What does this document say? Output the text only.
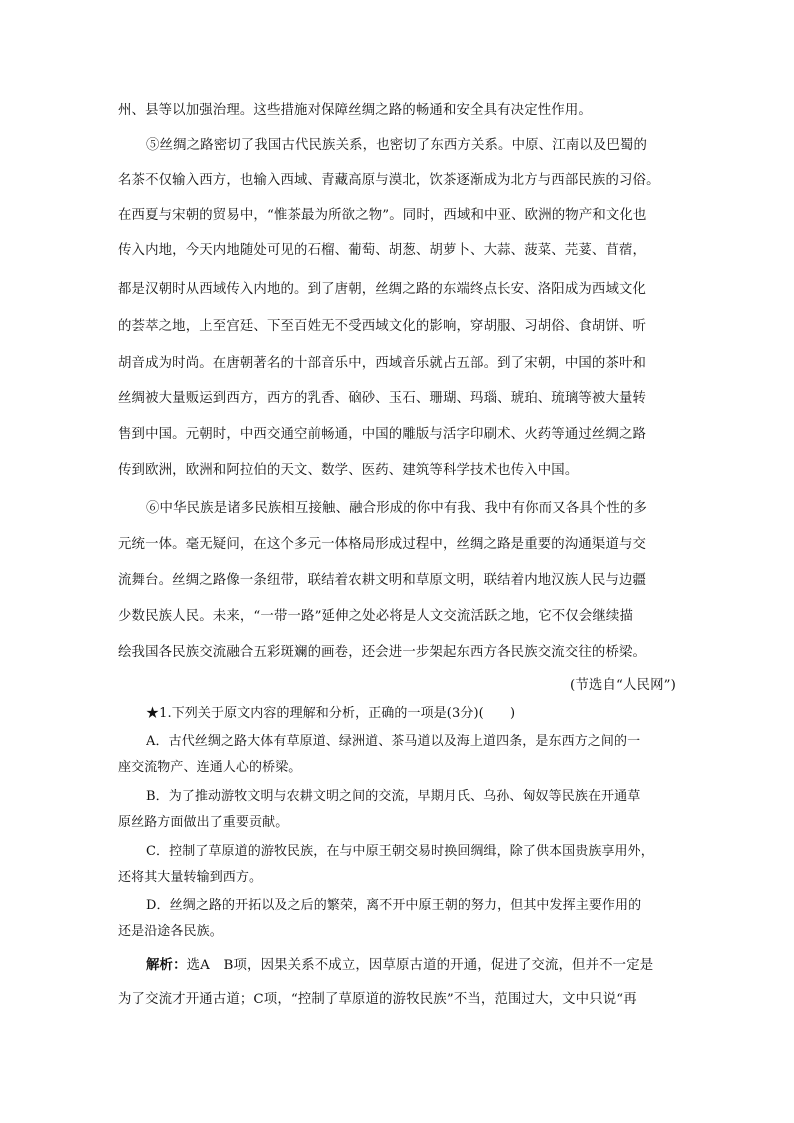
州、县等以加强治理。这些措施对保障丝绸之路的畅通和安全具有决定性作用。
⑤丝绸之路密切了我国古代民族关系，也密切了东西方关系。中原、江南以及巴蜀的
名茶不仅输入西方，也输入西域、青藏高原与漠北，饮茶逐渐成为北方与西部民族的习俗。
在西夏与宋朝的贸易中，“惟茶最为所欲之物”。同时，西域和中亚、欧洲的物产和文化也
传入内地，今天内地随处可见的石榴、葡萄、胡葱、胡萝卜、大蒜、菠菜、芫荽、苜蓿，
都是汉朝时从西域传入内地的。到了唐朝，丝绸之路的东端终点长安、洛阳成为西域文化
的荟萃之地，上至宫廷、下至百姓无不受西域文化的影响，穿胡服、习胡俗、食胡饼、听
胡音成为时尚。在唐朝著名的十部音乐中，西域音乐就占五部。到了宋朝，中国的茶叶和
丝绸被大量贩运到西方，西方的乳香、硇砂、玉石、珊瑚、玛瑙、琥珀、琉璃等被大量转
售到中国。元朝时，中西交通空前畅通，中国的雕版与活字印刷术、火药等通过丝绸之路
传到欧洲，欧洲和阿拉伯的天文、数学、医药、建筑等科学技术也传入中国。
⑥中华民族是诸多民族相互接触、融合形成的你中有我、我中有你而又各具个性的多
元统一体。毫无疑问，在这个多元一体格局形成过程中，丝绸之路是重要的沟通渠道与交
流舞台。丝绸之路像一条纽带，联结着农耕文明和草原文明，联结着内地汉族人民与边疆
少数民族人民。未来，“一带一路”延伸之处必将是人文交流活跃之地，它不仅会继续描
绘我国各民族交流融合五彩斑斓的画卷，还会进一步架起东西方各民族交流交往的桥梁。
(节选自“人民网”)
★1.下列关于原文内容的理解和分析，正确的一项是(3分)(　　)
A．古代丝绸之路大体有草原道、绿洲道、茶马道以及海上道四条，是东西方之间的一
座交流物产、连通人心的桥梁。
B．为了推动游牧文明与农耕文明之间的交流，早期月氏、乌孙、匈奴等民族在开通草
原丝路方面做出了重要贡献。
C．控制了草原道的游牧民族，在与中原王朝交易时换回绸缉，除了供本国贵族享用外，
还将其大量转输到西方。
D．丝绸之路的开拓以及之后的繁荣，离不开中原王朝的努力，但其中发挥主要作用的
还是沿途各民族。
解析：选A　B项，因果关系不成立，因草原古道的开通，促进了交流，但并不一定是
为了交流才开通古道；C项，“控制了草原道的游牧民族”不当，范围过大，文中只说“再
